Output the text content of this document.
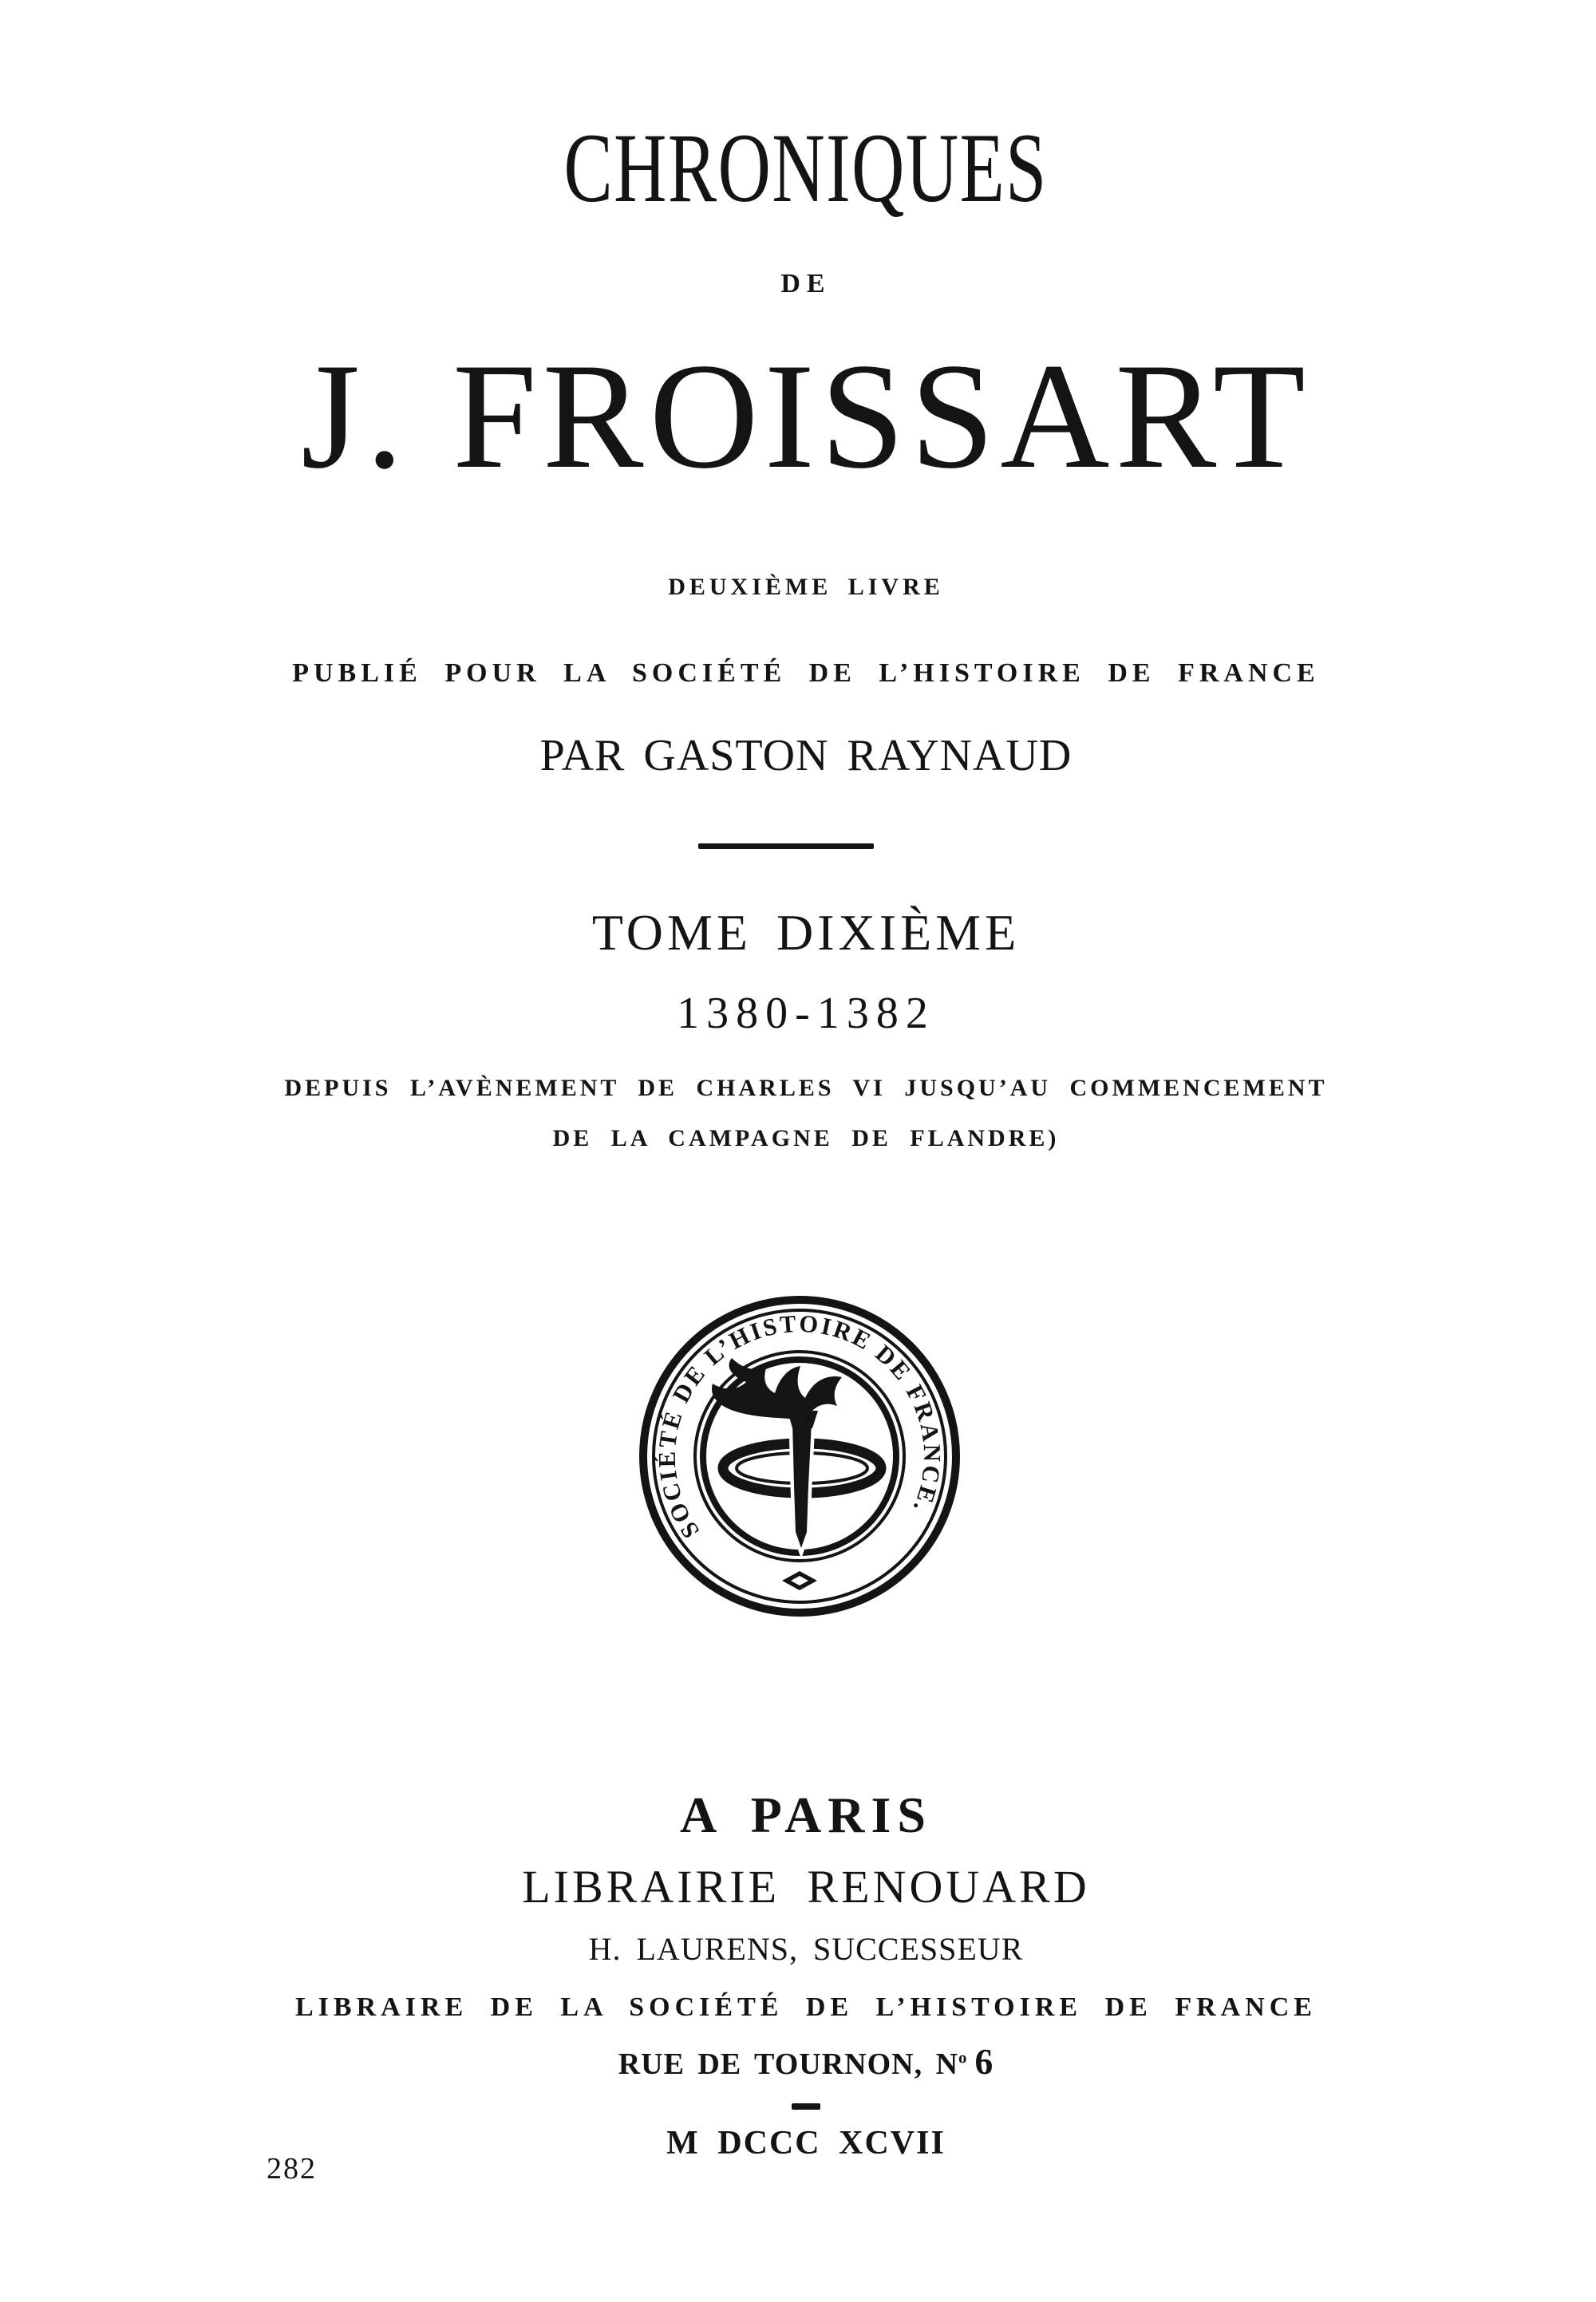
CHRONIQUES
DE
J. FROISSART
DEUXIÈME LIVRE
PUBLIÉ POUR LA SOCIÉTÉ DE L’HISTOIRE DE FRANCE
PAR GASTON RAYNAUD
TOME DIXIÈME
1380-1382
DEPUIS L’AVÈNEMENT DE CHARLES VI JUSQU’AU COMMENCEMENT
DE LA CAMPAGNE DE FLANDRE)
SOCIÉTÉ DE L’HISTOIRE DE FRANCE.
A PARIS
LIBRAIRIE RENOUARD
H. LAURENS, SUCCESSEUR
LIBRAIRE DE LA SOCIÉTÉ DE L’HISTOIRE DE FRANCE
RUE DE TOURNON, $N^o$ 6
M DCCC XCVII
282
